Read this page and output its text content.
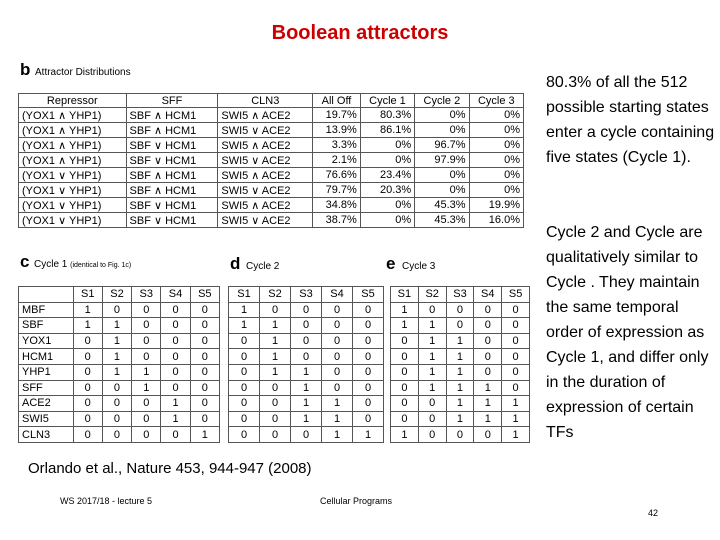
Boolean attractors
b Attractor Distributions
Repressor	SFF	CLN3	All Off	Cycle 1	Cycle 2	Cycle 3
(YOX1 ∧ YHP1)	SBF ∧ HCM1	SWI5 ∧ ACE2	19.7%	80.3%	0%	0%
(YOX1 ∧ YHP1)	SBF ∧ HCM1	SWI5 ∨ ACE2	13.9%	86.1%	0%	0%
(YOX1 ∧ YHP1)	SBF ∨ HCM1	SWI5 ∧ ACE2	3.3%	0%	96.7%	0%
(YOX1 ∧ YHP1)	SBF ∨ HCM1	SWI5 ∨ ACE2	2.1%	0%	97.9%	0%
(YOX1 ∨ YHP1)	SBF ∧ HCM1	SWI5 ∧ ACE2	76.6%	23.4%	0%	0%
(YOX1 ∨ YHP1)	SBF ∧ HCM1	SWI5 ∨ ACE2	79.7%	20.3%	0%	0%
(YOX1 ∨ YHP1)	SBF ∨ HCM1	SWI5 ∧ ACE2	34.8%	0%	45.3%	19.9%
(YOX1 ∨ YHP1)	SBF ∨ HCM1	SWI5 ∨ ACE2	38.7%	0%	45.3%	16.0%
c Cycle 1 (identical to Fig. 1c)
	S1	S2	S3	S4	S5
MBF	1	0	0	0	0
SBF	1	1	0	0	0
YOX1	0	1	0	0	0
HCM1	0	1	0	0	0
YHP1	0	1	1	0	0
SFF	0	0	1	0	0
ACE2	0	0	0	1	0
SWI5	0	0	0	1	0
CLN3	0	0	0	0	1
d Cycle 2
S1	S2	S3	S4	S5
1	0	0	0	0
1	1	0	0	0
0	1	0	0	0
0	1	0	0	0
0	1	1	0	0
0	0	1	0	0
0	0	1	1	0
0	0	1	1	0
0	0	0	1	1
e Cycle 3
S1	S2	S3	S4	S5
1	0	0	0	0
1	1	0	0	0
0	1	1	0	0
0	1	1	0	0
0	1	1	0	0
0	1	1	1	0
0	0	1	1	1
0	0	1	1	1
1	0	0	0	1
80.3% of all the 512 possible starting states enter a cycle containing five states (Cycle 1).
Cycle 2 and Cycle are qualitatively similar to Cycle . They maintain the same temporal order of expression as Cycle 1, and differ only in the duration of expression of certain TFs
Orlando et al., Nature 453, 944-947 (2008)
WS 2017/18 - lecture 5	Cellular Programs
42
